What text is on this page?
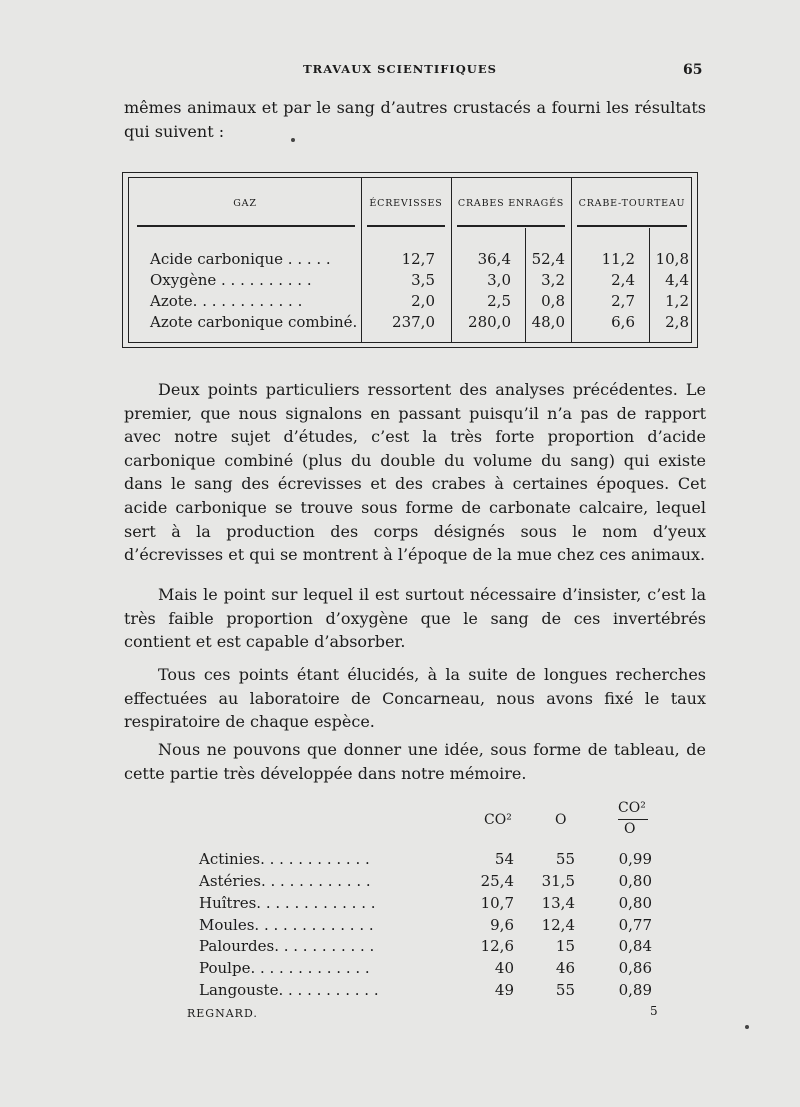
TRAVAUX SCIENTIFIQUES	65
mêmes animaux et par le sang d’autres crustacés a fourni les résultats qui suivent :
GAZ	ÉCREVISSES	CRABES ENRAGÉS	CRABE-TOURTEAU
Acide carbonique . . . . .	12,7	36,4	52,4	11,2	10,8
Oxygène . . . . . . . . . .	3,5	3,0	3,2	2,4	4,4
Azote. . . . . . . . . . . .	2,0	2,5	0,8	2,7	1,2
Azote carbonique combiné.	237,0	280,0	48,0	6,6	2,8
Deux points particuliers ressortent des analyses précédentes. Le premier, que nous signalons en passant puisqu’il n’a pas de rapport avec notre sujet d’études, c’est la très forte proportion d’acide carbonique combiné (plus du double du volume du sang) qui existe dans le sang des écrevisses et des crabes à certaines époques. Cet acide carbonique se trouve sous forme de carbonate calcaire, lequel sert à la production des corps désignés sous le nom d’yeux d’écrevisses et qui se montrent à l’époque de la mue chez ces animaux.
Mais le point sur lequel il est surtout nécessaire d’insister, c’est la très faible proportion d’oxygène que le sang de ces invertébrés contient et est capable d’absorber.
Tous ces points étant élucidés, à la suite de longues recherches effectuées au laboratoire de Concarneau, nous avons fixé le taux respiratoire de chaque espèce.
Nous ne pouvons que donner une idée, sous forme de tableau, de cette partie très développée dans notre mémoire.
CO²	O
CO²
O
Actinies. . . . . . . . . . . .	54	55	0,99
Astéries. . . . . . . . . . . .	25,4	31,5	0,80
Huîtres. . . . . . . . . . . . .	10,7	13,4	0,80
Moules. . . . . . . . . . . . .	9,6	12,4	0,77
Palourdes. . . . . . . . . . .	12,6	15	0,84
Poulpe. . . . . . . . . . . . .	40	46	0,86
Langouste. . . . . . . . . . .	49	55	0,89
REGNARD.	5
